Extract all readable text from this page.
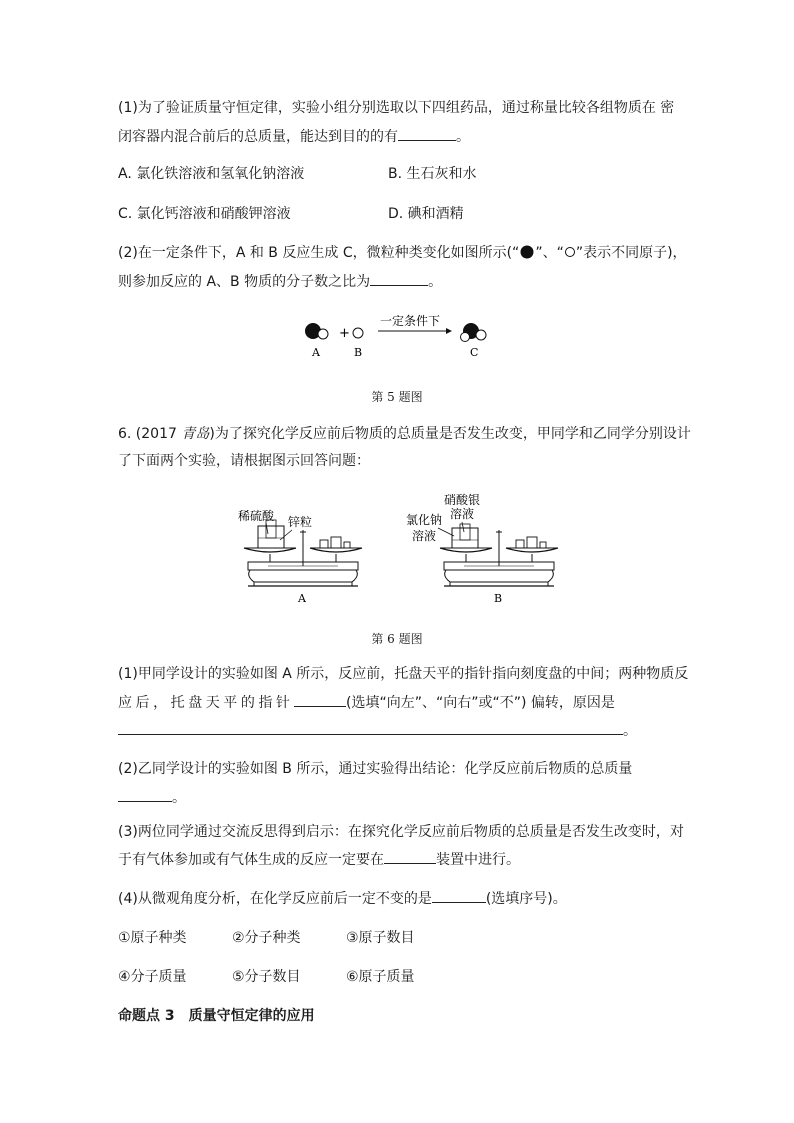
(1)为了验证质量守恒定律，实验小组分别选取以下四组药品，通过称量比较各组物质在 密
闭容器内混合前后的总质量，能达到目的的有	。
A. 氯化铁溶液和氢氧化钠溶液	B. 生石灰和水
C. 氯化钙溶液和硝酸钾溶液	D. 碘和酒精
(2)在一定条件下，A 和 B 反应生成 C，微粒种类变化如图所示(“ ”、“ ”表示不同原子)，
则参加反应的 A、B 物质的分子数之比为	。
+
一定条件下
A	B	C
第 5 题图
6. (2017 青岛)为了探究化学反应前后物质的总质量是否发生改变，甲同学和乙同学分别设计
了下面两个实验，请根据图示回答问题：
稀硫酸 锌粒
A
硝酸银
溶液
氯化钠
溶液
B
第 6 题图
(1)甲同学设计的实验如图 A 所示，反应前，托盘天平的指针指向刻度盘的中间；两种物质反
应 后 ， 托 盘 天 平 的 指 针	(选填“向左”、“向右”或“不”) 偏转，原因是
。
(2)乙同学设计的实验如图 B 所示，通过实验得出结论：化学反应前后物质的总质量
。
(3)两位同学通过交流反思得到启示：在探究化学反应前后物质的总质量是否发生改变时，对
于有气体参加或有气体生成的反应一定要在	装置中进行。
(4)从微观角度分析，在化学反应前后一定不变的是	(选填序号)。
①原子种类	②分子种类	③原子数目
④分子质量	⑤分子数目	⑥原子质量
命题点 3 质量守恒定律的应用
